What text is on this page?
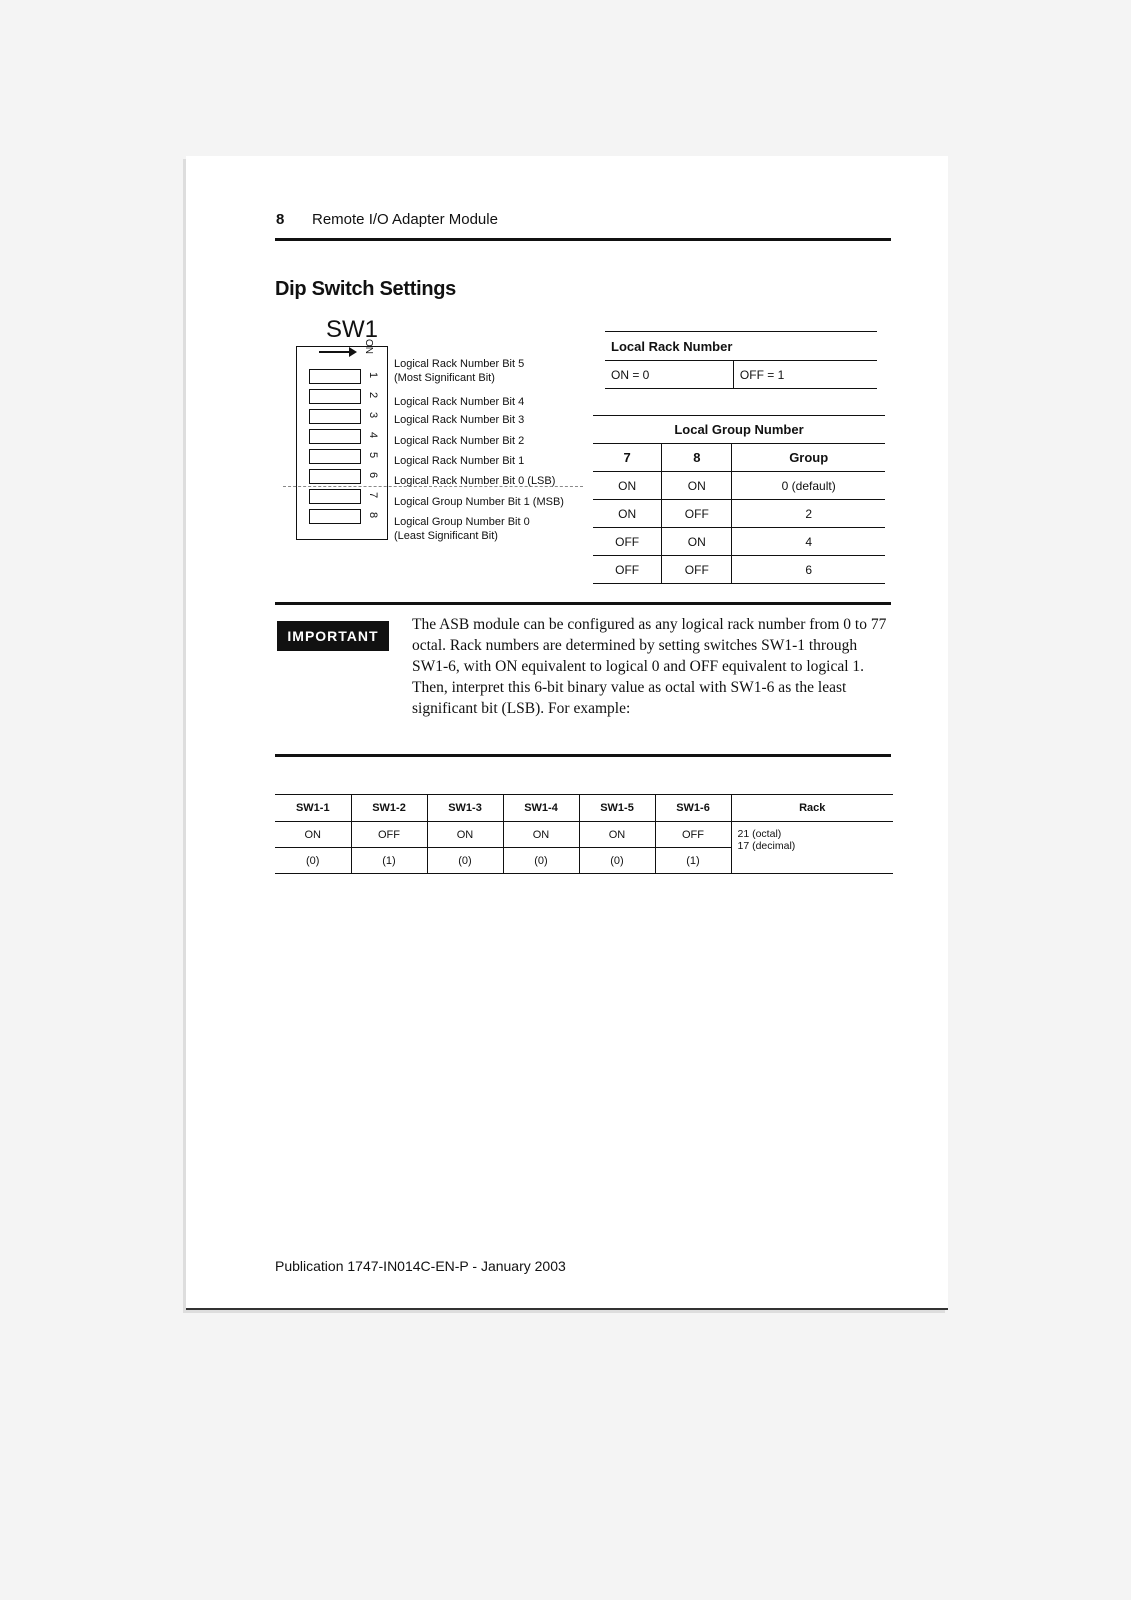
8 Remote I/O Adapter Module
Dip Switch Settings
SW1
ON
1
2
3
4
5
6
7
8
Logical Rack Number Bit 5
(Most Significant Bit)
Logical Rack Number Bit 4
Logical Rack Number Bit 3
Logical Rack Number Bit 2
Logical Rack Number Bit 1
Logical Rack Number Bit 0 (LSB)
Logical Group Number Bit 1 (MSB)
Logical Group Number Bit 0
(Least Significant Bit)
Local Rack Number
ON = 0	OFF = 1
Local Group Number		
7	8	Group
ON	ON	0 (default)
ON	OFF	2
OFF	ON	4
OFF	OFF	6
IMPORTANT
The ASB module can be configured as any logical rack number from 0 to 77 octal. Rack numbers are determined by setting switches SW1-1 through SW1-6, with ON equivalent to logical 0 and OFF equivalent to logical 1. Then, interpret this 6-bit binary value as octal with SW1-6 as the least significant bit (LSB). For example:
SW1-1	SW1-2	SW1-3	SW1-4	SW1-5	SW1-6	Rack
ON	OFF	ON	ON	ON	OFF	21 (octal)
17 (decimal)

(0)	(1)	(0)	(0)	(0)	(1)	
Publication 1747-IN014C-EN-P - January 2003
